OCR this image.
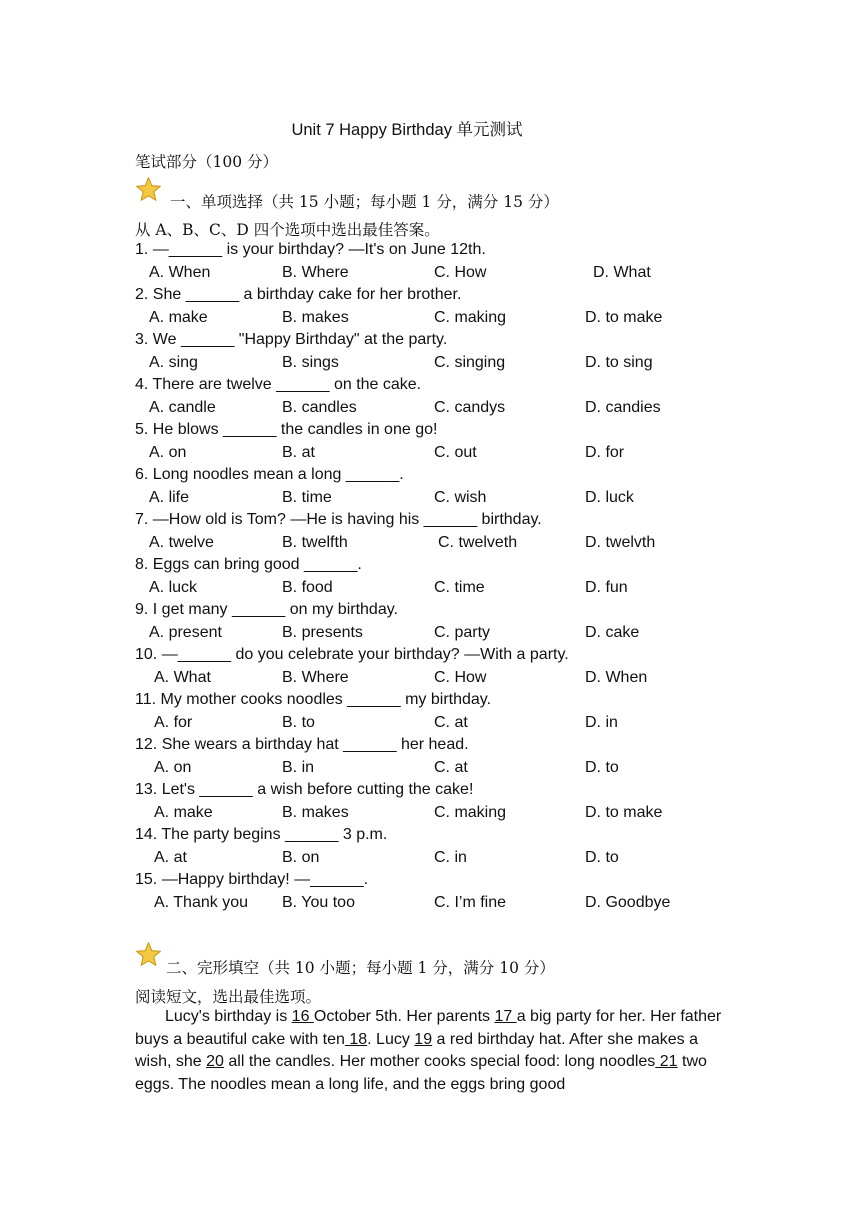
Unit 7 Happy Birthday 单元测试
笔试部分（100 分）
一、单项选择（共 15 小题；每小题 1 分，满分 15 分）
从 A、B、C、D 四个选项中选出最佳答案。
1. —______ is your birthday? —It's on June 12th.
A. When	B. Where	C. How	D. What
2. She ______ a birthday cake for her brother.
A. make	B. makes	C. making	D. to make
3. We ______ "Happy Birthday" at the party.
A. sing	B. sings	C. singing	D. to sing
4. There are twelve ______ on the cake.
A. candle	B. candles	C. candys	D. candies
5. He blows ______ the candles in one go!
A. on	B. at	C. out	D. for
6. Long noodles mean a long ______.
A. life	B. time	C. wish	D. luck
7. —How old is Tom? —He is having his ______ birthday.
A. twelve	B. twelfth	C. twelveth	D. twelvth
8. Eggs can bring good ______.
A. luck	B. food	C. time	D. fun
9. I get many ______ on my birthday.
A. present	B. presents	C. party	D. cake
10. —______ do you celebrate your birthday? —With a party.
A. What	B. Where	C. How	D. When
11. My mother cooks noodles ______ my birthday.
A. for	B. to	C. at	D. in
12. She wears a birthday hat ______ her head.
A. on	B. in	C. at	D. to
13. Let's ______ a wish before cutting the cake!
A. make	B. makes	C. making	D. to make
14. The party begins ______ 3 p.m.
A. at	B. on	C. in	D. to
15. —Happy birthday! —______.
A. Thank you B. You too	C. I’m fine	D. Goodbye
二、完形填空（共 10 小题；每小题 1 分，满分 10 分）
阅读短文，选出最佳选项。
Lucy's birthday is 16 October 5th. Her parents 17 a big party for her. Her father buys a beautiful cake with ten 18. Lucy 19 a red birthday hat. After she makes a wish, she 20 all the candles. Her mother cooks special food: long noodles 21 two eggs. The noodles mean a long life, and the eggs bring good
